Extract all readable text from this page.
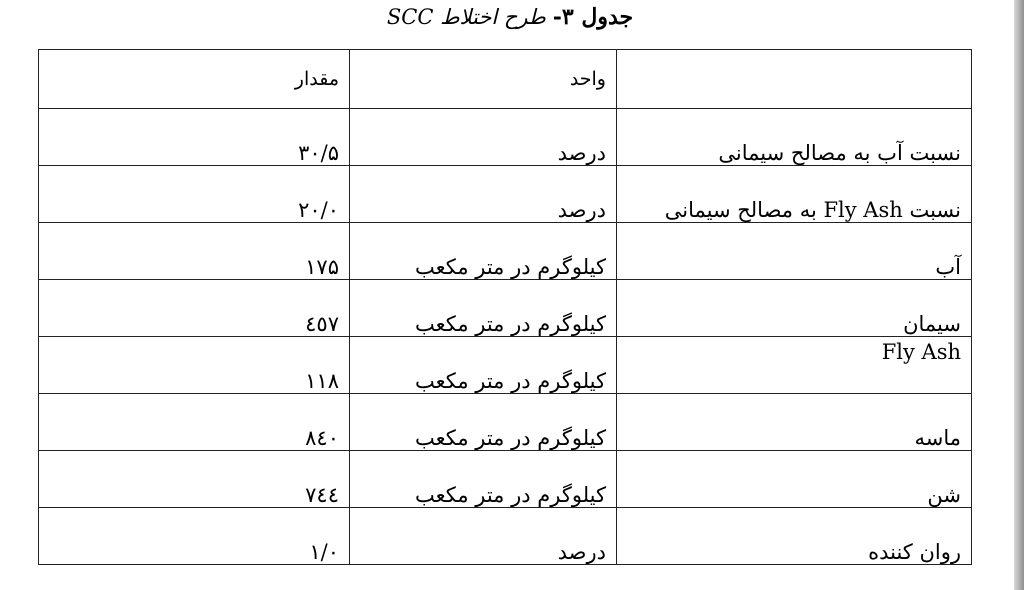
جدول ۳- طرح اختلاط SCC
	واحد	مقدار
نسبت آب به مصالح سیمانی	درصد	۳۰/۵
نسبت Fly Ash به مصالح سیمانی	درصد	۲۰/۰
آب	کیلوگرم در متر مکعب	۱۷۵
سیمان	کیلوگرم در متر مکعب	٤٥٧
Fly Ash	کیلوگرم در متر مکعب	۱۱۸
ماسه	کیلوگرم در متر مکعب	۸٤۰
شن	کیلوگرم در متر مکعب	۷٤٤
روان کننده	درصد	۱/۰
